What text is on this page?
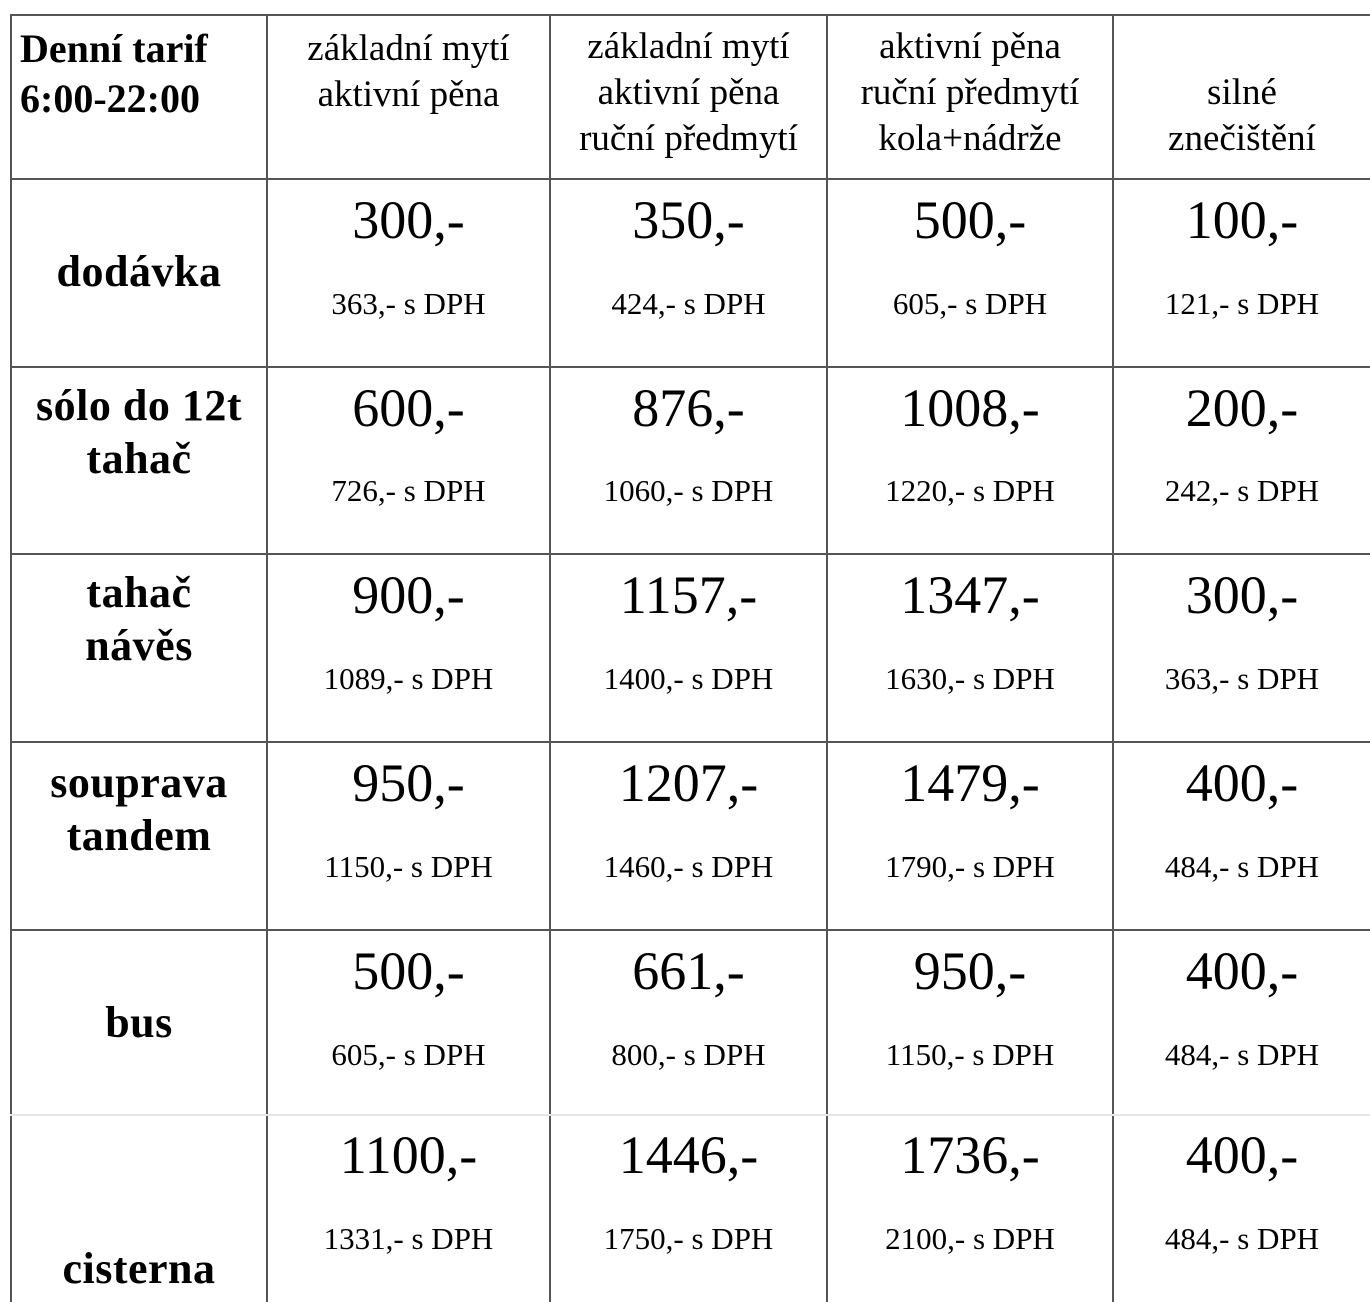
Denní tarif
6:00-22:00
základní mytí
aktivní pěna
základní mytí
aktivní pěna
ruční předmytí
aktivní pěna
ruční předmytí
kola+nádrže
silné
znečištění
dodávka
300,-
363,- s DPH
350,-
424,- s DPH
500,-
605,- s DPH
100,-
121,- s DPH
sólo do 12t
tahač
600,-
726,- s DPH
876,-
1060,- s DPH
1008,-
1220,- s DPH
200,-
242,- s DPH
tahač
návěs
900,-
1089,- s DPH
1157,-
1400,- s DPH
1347,-
1630,- s DPH
300,-
363,- s DPH
souprava
tandem
950,-
1150,- s DPH
1207,-
1460,- s DPH
1479,-
1790,- s DPH
400,-
484,- s DPH
bus
500,-
605,- s DPH
661,-
800,- s DPH
950,-
1150,- s DPH
400,-
484,- s DPH
cisterna
1100,-
1331,- s DPH
1446,-
1750,- s DPH
1736,-
2100,- s DPH
400,-
484,- s DPH
